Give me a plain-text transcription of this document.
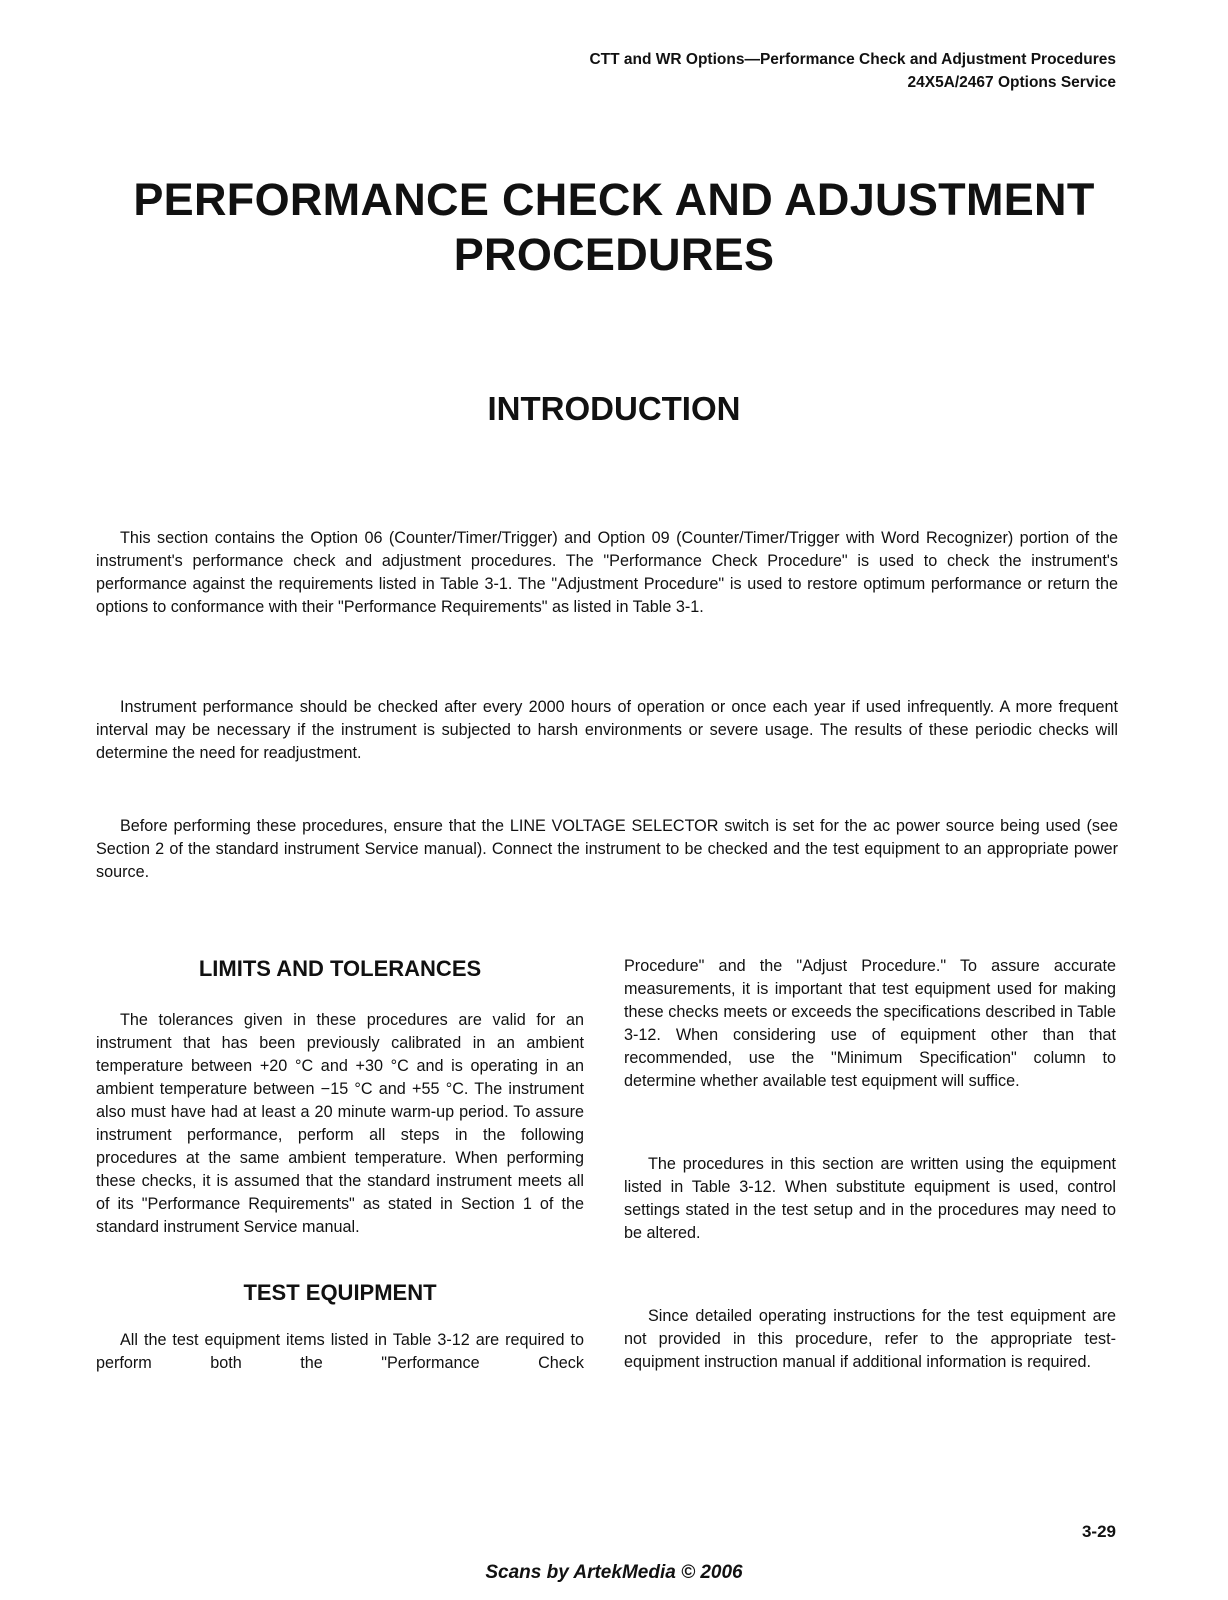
CTT and WR Options—Performance Check and Adjustment Procedures
24X5A/2467 Options Service
PERFORMANCE CHECK AND ADJUSTMENT
PROCEDURES
INTRODUCTION

This section contains the Option 06 (Counter/Timer/Trigger) and Option 09 (Counter/Timer/Trigger with Word Recognizer) portion of the instrument's performance check and adjustment procedures. The "Performance Check Procedure" is used to check the instrument's performance against the requirements listed in Table 3-1. The "Adjustment Procedure" is used to restore optimum performance or return the options to conformance with their "Performance Requirements" as listed in Table 3-1.

Instrument performance should be checked after every 2000 hours of operation or once each year if used infrequently. A more frequent interval may be necessary if the instrument is subjected to harsh environments or severe usage. The results of these periodic checks will determine the need for readjustment.

Before performing these procedures, ensure that the LINE VOLTAGE SELECTOR switch is set for the ac power source being used (see Section 2 of the standard instrument Service manual). Connect the instrument to be checked and the test equipment to an appropriate power source.

LIMITS AND TOLERANCES

The tolerances given in these procedures are valid for an instrument that has been previously calibrated in an ambient temperature between +20 °C and +30 °C and is operating in an ambient temperature between −15 °C and +55 °C. The instrument also must have had at least a 20 minute warm-up period. To assure instrument performance, perform all steps in the following procedures at the same ambient temperature. When performing these checks, it is assumed that the standard instrument meets all of its "Performance Requirements" as stated in Section 1 of the standard instrument Service manual.

TEST EQUIPMENT

All the test equipment items listed in Table 3-12 are required to perform both the "Performance Check

Procedure" and the "Adjust Procedure." To assure accurate measurements, it is important that test equipment used for making these checks meets or exceeds the specifications described in Table 3-12. When considering use of equipment other than that recommended, use the "Minimum Specification" column to determine whether available test equipment will suffice.

The procedures in this section are written using the equipment listed in Table 3-12. When substitute equipment is used, control settings stated in the test setup and in the procedures may need to be altered.

Since detailed operating instructions for the test equipment are not provided in this procedure, refer to the appropriate test-equipment instruction manual if additional information is required.

3-29
Scans by ArtekMedia © 2006
